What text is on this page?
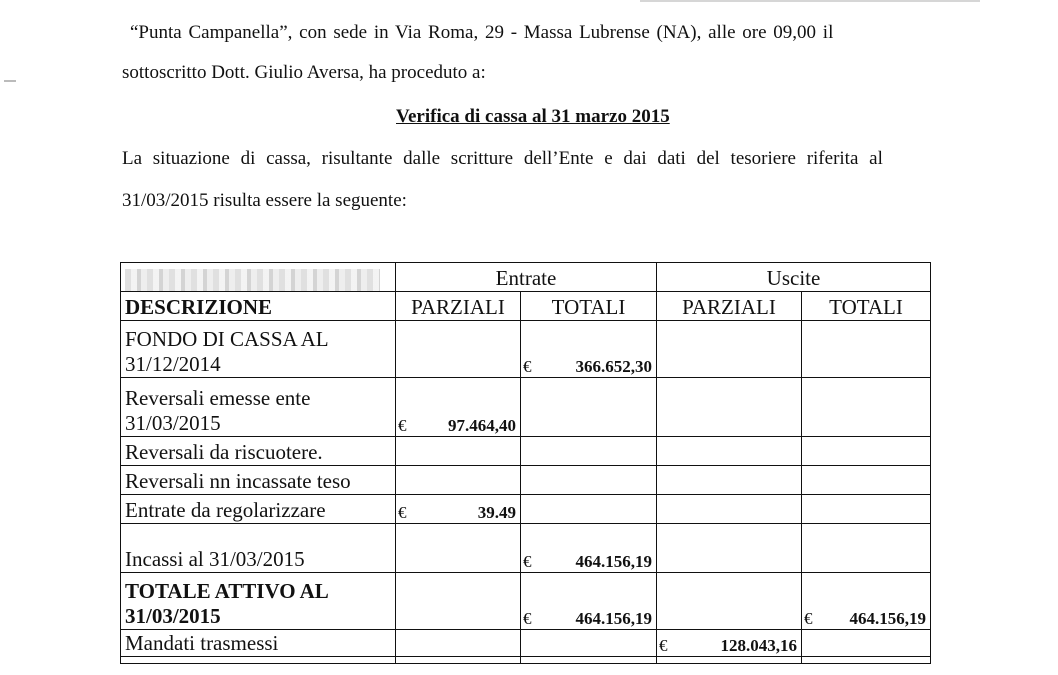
“Punta Campanella”, con sede in Via Roma, 29 - Massa Lubrense (NA), alle ore 09,00 il
sottoscritto Dott. Giulio Aversa, ha proceduto a:
Verifica di cassa al 31 marzo 2015
La situazione di cassa, risultante dalle scritture dell’Ente e dai dati del tesoriere riferita al
31/03/2015 risulta essere la seguente:
	Entrate		Uscite	
DESCRIZIONE	PARZIALI	TOTALI	PARZIALI	TOTALI
FONDO DI CASSA AL 31/12/2014		€ 366.652,30		
Reversali emesse ente 31/03/2015	€ 97.464,40			
Reversali da riscuotere.				
Reversali nn incassate teso				
Entrate da regolarizzare	€ 39.49			
Incassi al 31/03/2015		€ 464.156,19		
TOTALE ATTIVO AL 31/03/2015		€ 464.156,19		€ 464.156,19
Mandati trasmessi			€ 128.043,16	
